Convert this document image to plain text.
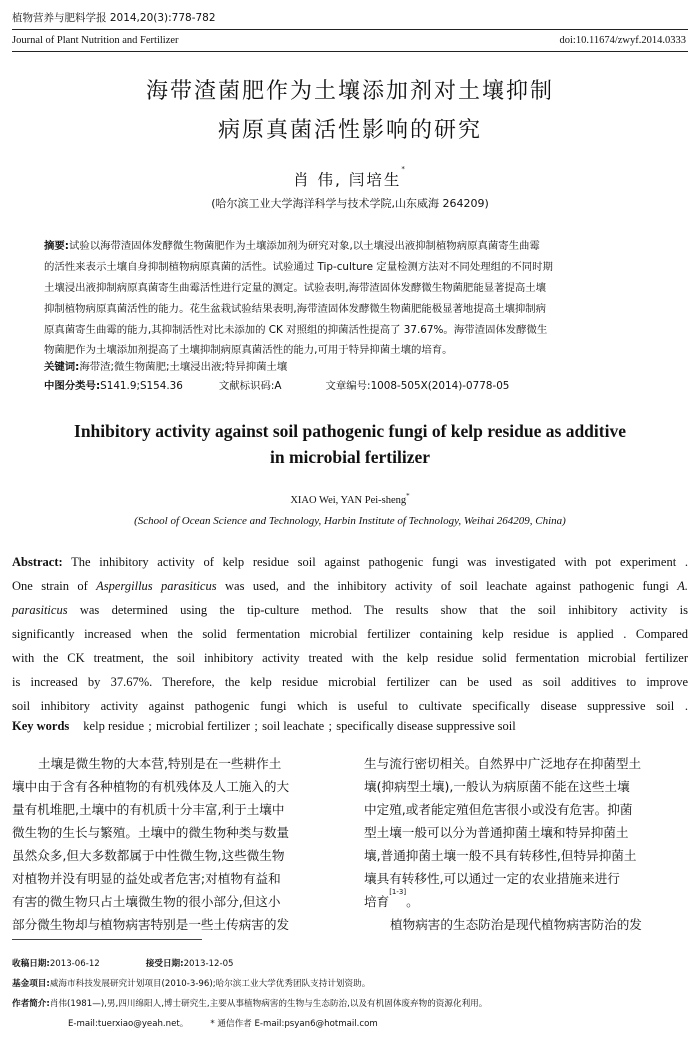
植物营养与肥料学报 2014,20(3):778-782
Journal of Plant Nutrition and Fertilizer	doi:10.11674/zwyf.2014.0333
海带渣菌肥作为土壤添加剂对土壤抑制
病原真菌活性影响的研究
肖 伟, 闫培生*
(哈尔滨工业大学海洋科学与技术学院,山东威海 264209)
摘要:试验以海带渣固体发酵微生物菌肥作为土壤添加剂为研究对象,以土壤浸出液抑制植物病原真菌寄生曲霉
的活性来表示土壤自身抑制植物病原真菌的活性。试验通过 Tip-culture 定量检测方法对不同处理组的不同时期
土壤浸出液抑制病原真菌寄生曲霉活性进行定量的测定。试验表明,海带渣固体发酵微生物菌肥能显著提高土壤
抑制植物病原真菌活性的能力。花生盆栽试验结果表明,海带渣固体发酵微生物菌肥能极显著地提高土壤抑制病
原真菌寄生曲霉的能力,其抑制活性对比未添加的 CK 对照组的抑菌活性提高了 37.67%。海带渣固体发酵微生
物菌肥作为土壤添加剂提高了土壤抑制病原真菌活性的能力,可用于特异抑菌土壤的培育。
关键词:海带渣;微生物菌肥;土壤浸出液;特异抑菌土壤
中图分类号:S141.9;S154.36	文献标识码:A	文章编号:1008-505X(2014)-0778-05
Inhibitory activity against soil pathogenic fungi of kelp residue as additive
in microbial fertilizer
XIAO Wei, YAN Pei-sheng*
(School of Ocean Science and Technology, Harbin Institute of Technology, Weihai 264209, China)
Abstract: The inhibitory activity of kelp residue soil against pathogenic fungi was investigated with pot experiment .
One strain of Aspergillus parasiticus was used, and the inhibitory activity of soil leachate against pathogenic fungi A.
parasiticus was determined using the tip-culture method. The results show that the soil inhibitory activity is
significantly increased when the solid fermentation microbial fertilizer containing kelp residue is applied . Compared
with the CK treatment, the soil inhibitory activity treated with the kelp residue solid fermentation microbial fertilizer
is increased by 37.67%. Therefore, the kelp residue microbial fertilizer can be used as soil additives to improve
soil inhibitory activity against pathogenic fungi which is useful to cultivate specifically disease suppressive soil .
Key words kelp residue ; microbial fertilizer ; soil leachate ; specifically disease suppressive soil
土壤是微生物的大本营,特别是在一些耕作土
壤中由于含有各种植物的有机残体及人工施入的大
量有机堆肥,土壤中的有机质十分丰富,利于土壤中
微生物的生长与繁殖。土壤中的微生物种类与数量
虽然众多,但大多数都属于中性微生物,这些微生物
对植物并没有明显的益处或者危害;对植物有益和
有害的微生物只占土壤微生物的很小部分,但这小
部分微生物却与植物病害特别是一些土传病害的发
生与流行密切相关。自然界中广泛地存在抑菌型土
壤(抑病型土壤),一般认为病原菌不能在这些土壤
中定殖,或者能定殖但危害很小或没有危害。抑菌
型土壤一般可以分为普通抑菌土壤和特异抑菌土
壤,普通抑菌土壤一般不具有转移性,但特异抑菌土
壤具有转移性,可以通过一定的农业措施来进行
培育[1-3]。
植物病害的生态防治是现代植物病害防治的发
收稿日期:2013-06-12	接受日期:2013-12-05
基金项目:威海市科技发展研究计划项目(2010-3-96);哈尔滨工业大学优秀团队支持计划资助。
作者简介:肖伟(1981—),男,四川绵阳人,博士研究生,主要从事植物病害的生物与生态防治,以及有机固体废弃物的资源化利用。
E-mail:tuerxiao@yeah.net。	* 通信作者 E-mail:psyan6@hotmail.com
